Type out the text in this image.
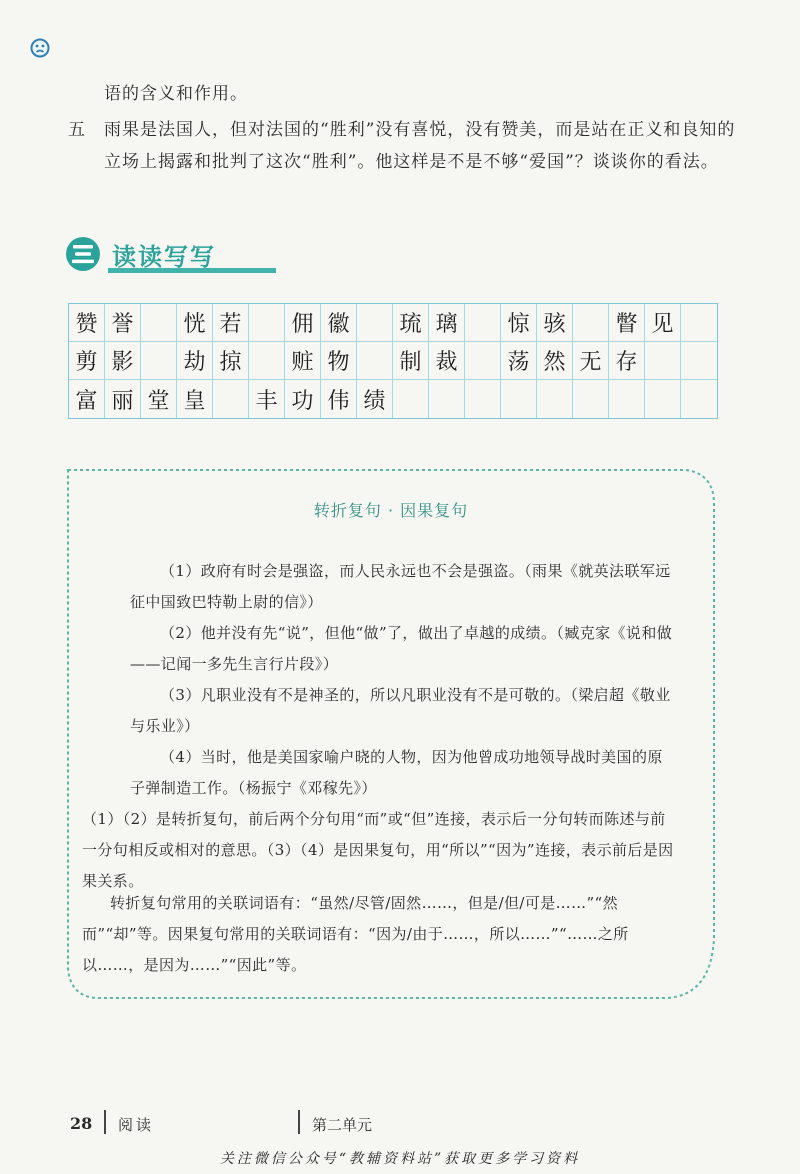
语的含义和作用。
五 雨果是法国人，但对法国的“胜利”没有喜悦，没有赞美，而是站在正义和良知的立场上揭露和批判了这次“胜利”。他这样是不是不够“爱国”？谈谈你的看法。
读读写写
赞 誉	恍 若	佣 徽	琉 璃	惊 骇	瞥 见
剪 影	劫 掠	赃 物	制 裁	荡 然 无 存
富 丽 堂 皇	丰 功 伟 绩
转折复句 · 因果复句
（1）政府有时会是强盗，而人民永远也不会是强盗。（雨果《就英法联军远征中国致巴特勒上尉的信》）
（2）他并没有先“说”，但他“做”了，做出了卓越的成绩。（臧克家《说和做——记闻一多先生言行片段》）
（3）凡职业没有不是神圣的，所以凡职业没有不是可敬的。（梁启超《敬业与乐业》）
（4）当时，他是美国家喻户晓的人物，因为他曾成功地领导战时美国的原子弹制造工作。（杨振宁《邓稼先》）
（1）（2）是转折复句，前后两个分句用“而”或“但”连接，表示后一分句转而陈述与前一分句相反或相对的意思。（3）（4）是因果复句，用“所以”“因为”连接，表示前后是因果关系。
转折复句常用的关联词语有：“虽然/尽管/固然……，但是/但/可是……”“然而”“却”等。因果复句常用的关联词语有：“因为/由于……，所以……”“……之所以……，是因为……”“因此”等。
28 阅读	第二单元
关注微信公众号“教辅资料站”获取更多学习资料
